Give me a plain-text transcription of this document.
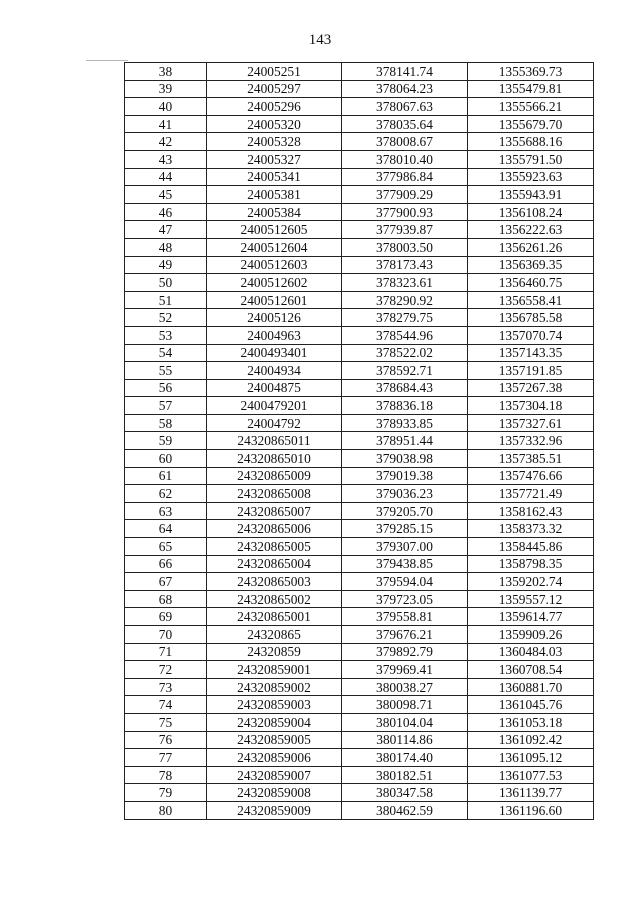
143
38	24005251	378141.74	1355369.73
39	24005297	378064.23	1355479.81
40	24005296	378067.63	1355566.21
41	24005320	378035.64	1355679.70
42	24005328	378008.67	1355688.16
43	24005327	378010.40	1355791.50
44	24005341	377986.84	1355923.63
45	24005381	377909.29	1355943.91
46	24005384	377900.93	1356108.24
47	2400512605	377939.87	1356222.63
48	2400512604	378003.50	1356261.26
49	2400512603	378173.43	1356369.35
50	2400512602	378323.61	1356460.75
51	2400512601	378290.92	1356558.41
52	24005126	378279.75	1356785.58
53	24004963	378544.96	1357070.74
54	2400493401	378522.02	1357143.35
55	24004934	378592.71	1357191.85
56	24004875	378684.43	1357267.38
57	2400479201	378836.18	1357304.18
58	24004792	378933.85	1357327.61
59	24320865011	378951.44	1357332.96
60	24320865010	379038.98	1357385.51
61	24320865009	379019.38	1357476.66
62	24320865008	379036.23	1357721.49
63	24320865007	379205.70	1358162.43
64	24320865006	379285.15	1358373.32
65	24320865005	379307.00	1358445.86
66	24320865004	379438.85	1358798.35
67	24320865003	379594.04	1359202.74
68	24320865002	379723.05	1359557.12
69	24320865001	379558.81	1359614.77
70	24320865	379676.21	1359909.26
71	24320859	379892.79	1360484.03
72	24320859001	379969.41	1360708.54
73	24320859002	380038.27	1360881.70
74	24320859003	380098.71	1361045.76
75	24320859004	380104.04	1361053.18
76	24320859005	380114.86	1361092.42
77	24320859006	380174.40	1361095.12
78	24320859007	380182.51	1361077.53
79	24320859008	380347.58	1361139.77
80	24320859009	380462.59	1361196.60
